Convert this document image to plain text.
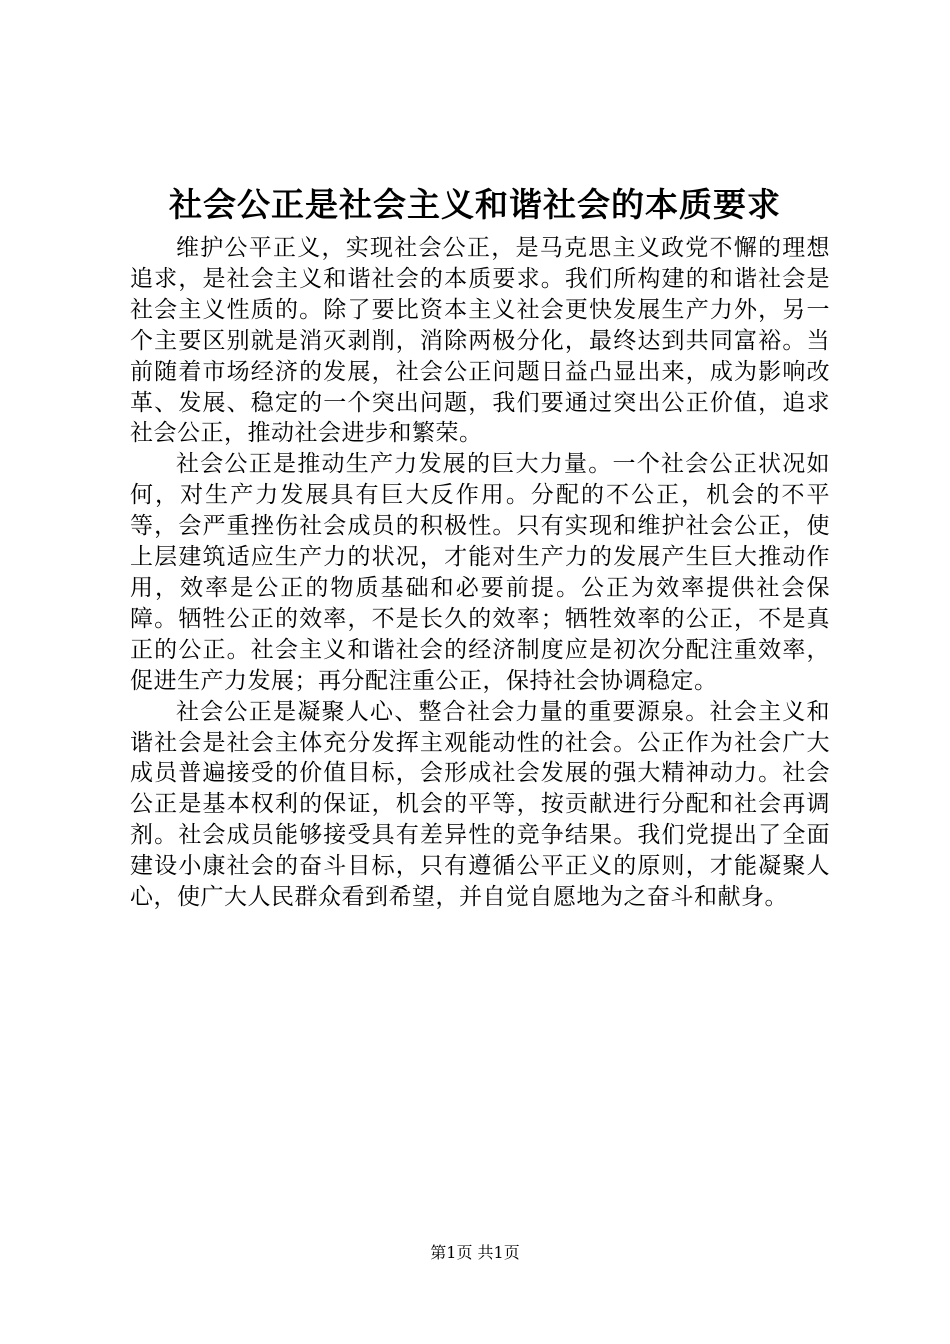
社会公正是社会主义和谐社会的本质要求

维护公平正义，实现社会公正，是马克思主义政党不懈的理想追求，是社会主义和谐社会的本质要求。我们所构建的和谐社会是社会主义性质的。除了要比资本主义社会更快发展生产力外，另一个主要区别就是消灭剥削，消除两极分化，最终达到共同富裕。当前随着市场经济的发展，社会公正问题日益凸显出来，成为影响改革、发展、稳定的一个突出问题，我们要通过突出公正价值，追求社会公正，推动社会进步和繁荣。

社会公正是推动生产力发展的巨大力量。一个社会公正状况如何，对生产力发展具有巨大反作用。分配的不公正，机会的不平等，会严重挫伤社会成员的积极性。只有实现和维护社会公正，使上层建筑适应生产力的状况，才能对生产力的发展产生巨大推动作用，效率是公正的物质基础和必要前提。公正为效率提供社会保障。牺牲公正的效率，不是长久的效率；牺牲效率的公正，不是真正的公正。社会主义和谐社会的经济制度应是初次分配注重效率，促进生产力发展；再分配注重公正，保持社会协调稳定。

社会公正是凝聚人心、整合社会力量的重要源泉。社会主义和谐社会是社会主体充分发挥主观能动性的社会。公正作为社会广大成员普遍接受的价值目标，会形成社会发展的强大精神动力。社会公正是基本权利的保证，机会的平等，按贡献进行分配和社会再调剂。社会成员能够接受具有差异性的竞争结果。我们党提出了全面建设小康社会的奋斗目标，只有遵循公平正义的原则，才能凝聚人心，使广大人民群众看到希望，并自觉自愿地为之奋斗和献身。

第1页 共1页
